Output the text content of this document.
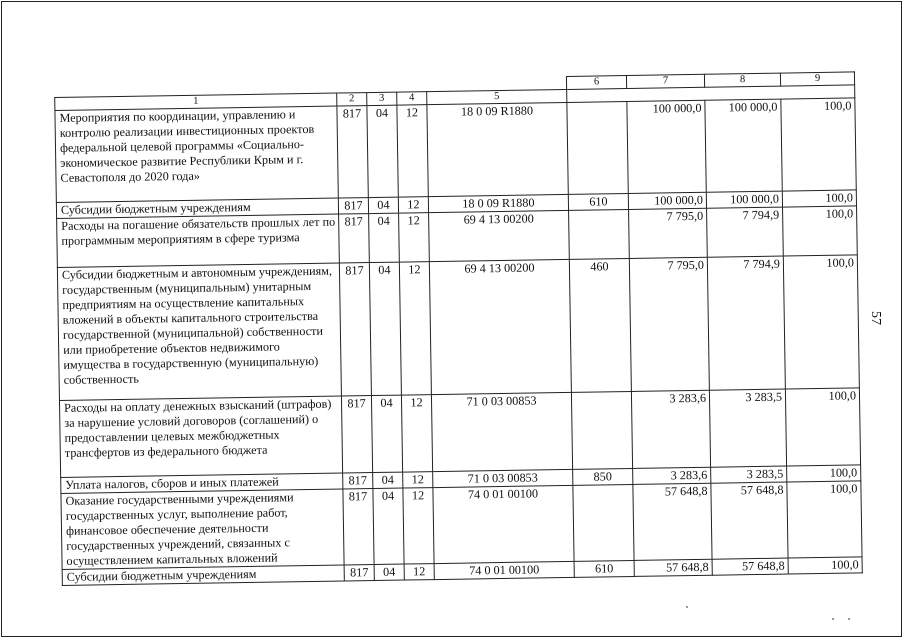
57
					6	7	8	9
1	2	3	4	5				
Мероприятия по координации, управлению и контролю реализации инвестиционных проектов федеральной целевой программы «Социально-экономическое развитие Республики Крым и г. Севастополя до 2020 года»	817	04	12	18 0 09 R1880		100 000,0	100 000,0	100,0
Субсидии бюджетным учреждениям	817	04	12	18 0 09 R1880	610	100 000,0	100 000,0	100,0
Расходы на погашение обязательств прошлых лет по программным мероприятиям в сфере туризма	817	04	12	69 4 13 00200		7 795,0	7 794,9	100,0
Субсидии бюджетным и автономным учреждениям, государственным (муниципальным) унитарным предприятиям на осуществление капитальных вложений в объекты капитального строительства государственной (муниципальной) собственности или приобретение объектов недвижимого имущества в государственную (муниципальную) собственность	817	04	12	69 4 13 00200	460	7 795,0	7 794,9	100,0
Расходы на оплату денежных взысканий (штрафов) за нарушение условий договоров (соглашений) о предоставлении целевых межбюджетных трансфертов из федерального бюджета	817	04	12	71 0 03 00853		3 283,6	3 283,5	100,0
Уплата налогов, сборов и иных платежей	817	04	12	71 0 03 00853	850	3 283,6	3 283,5	100,0
Оказание государственными учреждениями государственных услуг, выполнение работ, финансовое обеспечение деятельности государственных учреждений, связанных с осуществлением капитальных вложений	817	04	12	74 0 01 00100		57 648,8	57 648,8	100,0
Субсидии бюджетным учреждениям	817	04	12	74 0 01 00100	610	57 648,8	57 648,8	100,0
